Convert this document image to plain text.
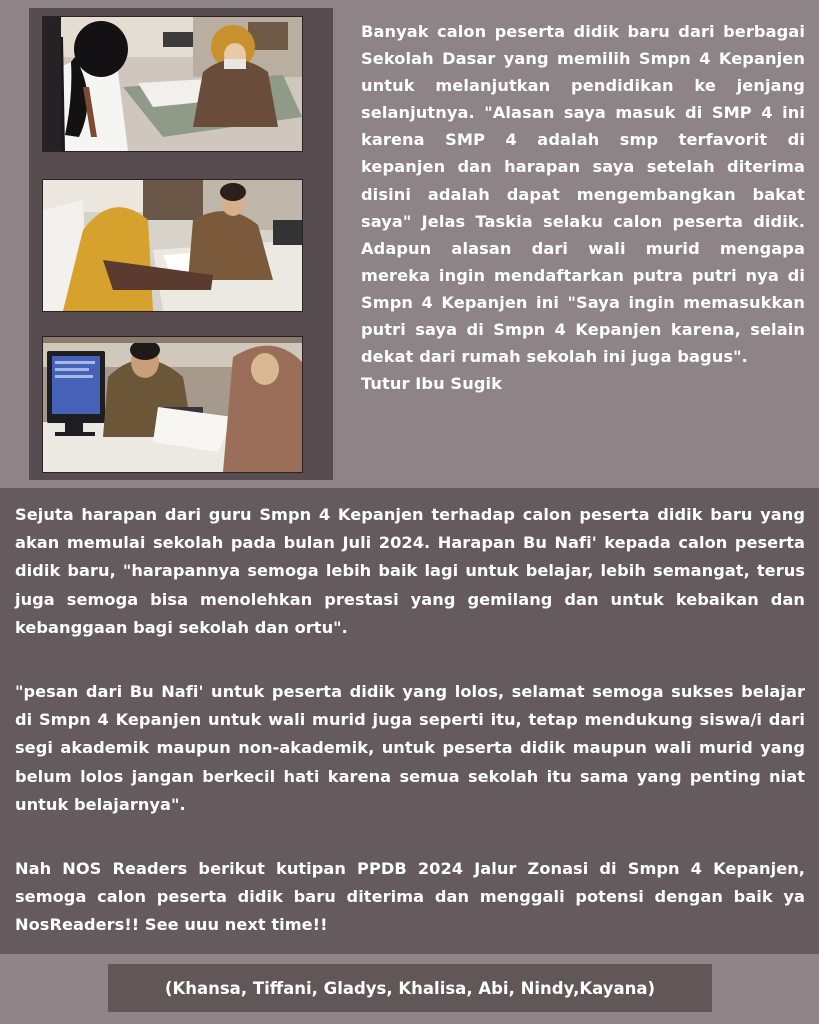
Banyak calon peserta didik baru dari berbagai Sekolah Dasar yang memilih Smpn 4 Kepanjen untuk melanjutkan pendidikan ke jenjang selanjutnya. "Alasan saya masuk di SMP 4 ini karena SMP 4 adalah smp terfavorit di kepanjen dan harapan saya setelah diterima disini adalah dapat mengembangkan bakat saya" Jelas Taskia selaku calon peserta didik. Adapun alasan dari wali murid mengapa mereka ingin mendaftarkan putra putri nya di Smpn 4 Kepanjen ini "Saya ingin memasukkan putri saya di Smpn 4 Kepanjen karena, selain dekat dari rumah sekolah ini juga bagus".
Tutur Ibu Sugik

Sejuta harapan dari guru Smpn 4 Kepanjen terhadap calon peserta didik baru yang akan memulai sekolah pada bulan Juli 2024. Harapan Bu Nafi' kepada calon peserta didik baru, "harapannya semoga lebih baik lagi untuk belajar, lebih semangat, terus juga semoga bisa menolehkan prestasi yang gemilang dan untuk kebaikan dan kebanggaan bagi sekolah dan ortu".

"pesan dari Bu Nafi' untuk peserta didik yang lolos, selamat semoga sukses belajar di Smpn 4 Kepanjen untuk wali murid juga seperti itu, tetap mendukung siswa/i dari segi akademik maupun non-akademik, untuk peserta didik maupun wali murid yang belum lolos jangan berkecil hati karena semua sekolah itu sama yang penting niat untuk belajarnya".

Nah NOS Readers berikut kutipan PPDB 2024 Jalur Zonasi di Smpn 4 Kepanjen, semoga calon peserta didik baru diterima dan menggali potensi dengan baik ya NosReaders!! See uuu next time!!

(Khansa, Tiffani, Gladys, Khalisa, Abi, Nindy,Kayana)
